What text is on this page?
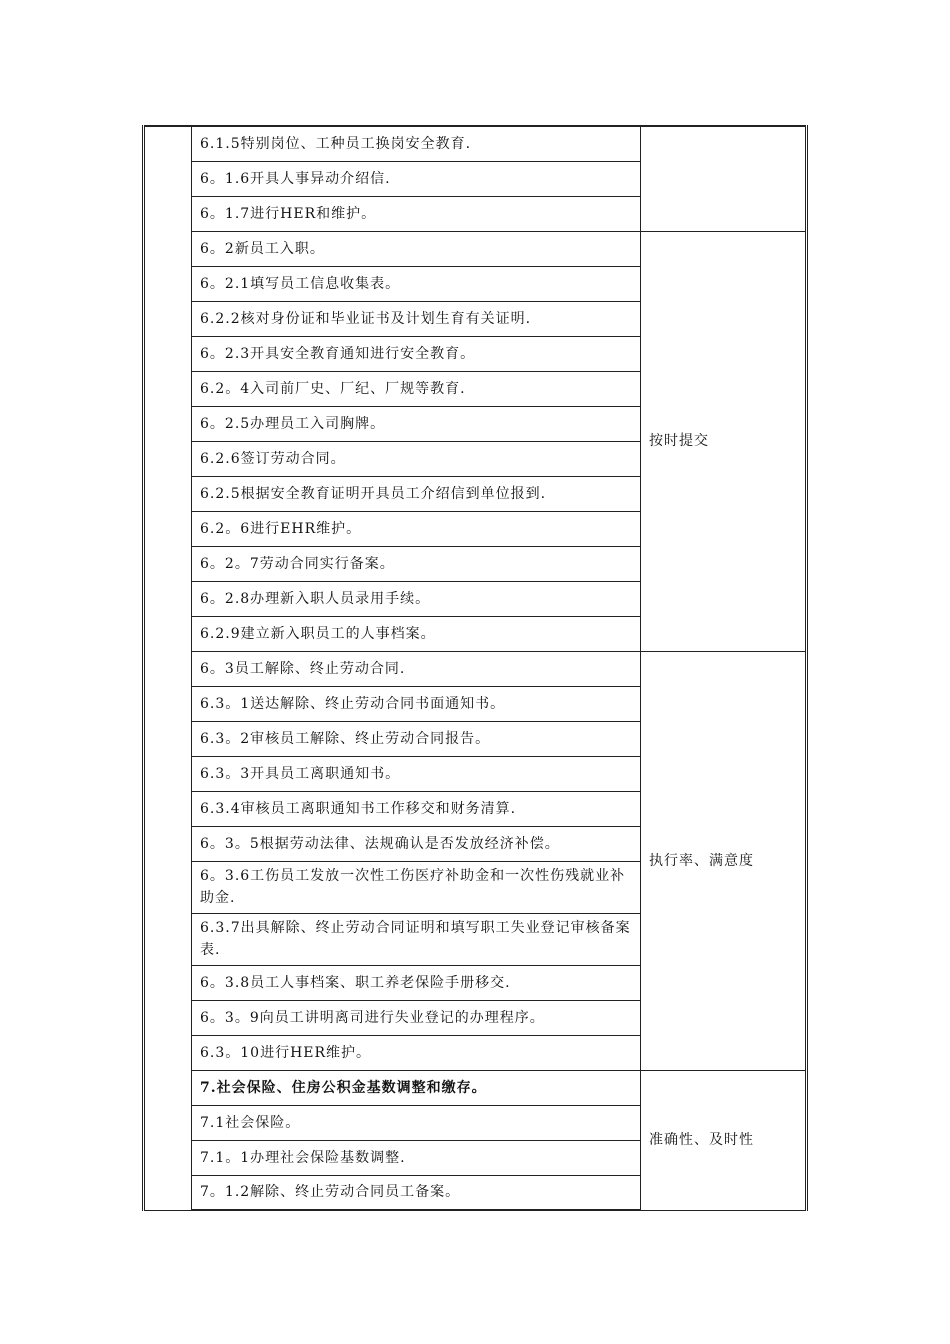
	6.1.5特别岗位、工种员工换岗安全教育.	
	6。1.6开具人事异动介绍信.	
	6。1.7进行HER和维护。	
	6。2新员工入职。	按时提交
	6。2.1填写员工信息收集表。	
	6.2.2核对身份证和毕业证书及计划生育有关证明.	
	6。2.3开具安全教育通知进行安全教育。	
	6.2。4入司前厂史、厂纪、厂规等教育.	
	6。2.5办理员工入司胸牌。	
	6.2.6签订劳动合同。	
	6.2.5根据安全教育证明开具员工介绍信到单位报到.	
	6.2。6进行EHR维护。	
	6。2。7劳动合同实行备案。	
	6。2.8办理新入职人员录用手续。	
	6.2.9建立新入职员工的人事档案。	
	6。3员工解除、终止劳动合同.	执行率、满意度
	6.3。1送达解除、终止劳动合同书面通知书。	
	6.3。2审核员工解除、终止劳动合同报告。	
	6.3。3开具员工离职通知书。	
	6.3.4审核员工离职通知书工作移交和财务清算.	
	6。3。5根据劳动法律、法规确认是否发放经济补偿。	
	6。3.6工伤员工发放一次性工伤医疗补助金和一次性伤残就业补助金.	
	6.3.7出具解除、终止劳动合同证明和填写职工失业登记审核备案表.	
	6。3.8员工人事档案、职工养老保险手册移交.	
	6。3。9向员工讲明离司进行失业登记的办理程序。	
	6.3。10进行HER维护。	
	7.社会保险、住房公积金基数调整和缴存。	准确性、及时性
	7.1社会保险。	
	7.1。1办理社会保险基数调整.	
	7。1.2解除、终止劳动合同员工备案。	
